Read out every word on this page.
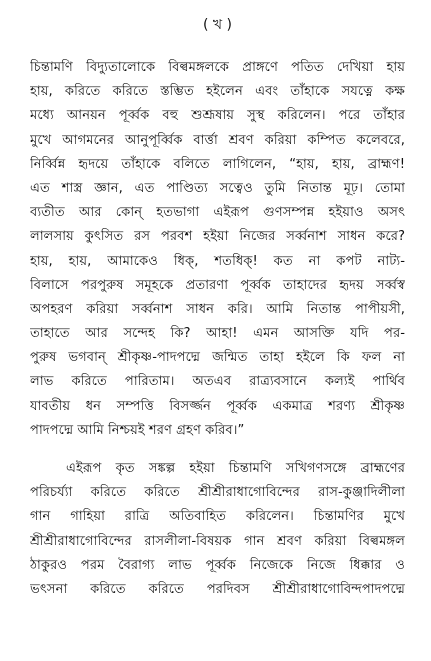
( খ )
চিন্তামণি বিদ্যুতালোকে বিল্বমঙ্গলকে প্রাঙ্গণে পতিত দেখিয়া হায়
হায়, করিতে করিতে স্তম্ভিত হইলেন এবং তাঁহাকে সযত্নে কক্ষ
মধ্যে আনয়ন পূর্ব্বক বহু শুশ্রূষায় সুস্থ করিলেন। পরে তাঁহার
মুখে আগমনের আনুপূর্ব্বিক বার্ত্তা শ্রবণ করিয়া কম্পিত কলেবরে,
নির্ব্বিন্ন হৃদয়ে তাঁহাকে বলিতে লাগিলেন, “হায়, হায়, ব্রাহ্মণ!
এত শাস্ত্র জ্ঞান, এত পাণ্ডিত্য সত্বেও তুমি নিতান্ত মূঢ়। তোমা
ব্যতীত আর কোন্ হতভাগা এইরূপ গুণসম্পন্ন হইয়াও অসৎ
লালসায় কুৎসিত রস পরবশ হইয়া নিজের সর্ব্বনাশ সাধন করে?
হায়, হায়, আমাকেও ধিক্, শতধিক্! কত না কপট নাট্য-
বিলাসে পরপুরুষ সমূহকে প্রতারণা পূর্ব্বক তাহাদের হৃদয় সর্ব্বস্ব
অপহরণ করিয়া সর্ব্বনাশ সাধন করি। আমি নিতান্ত পাপীয়সী,
তাহাতে আর সন্দেহ কি? আহা! এমন আসক্তি যদি পর-
পুরুষ ভগবান্ শ্রীকৃষ্ণ-পাদপদ্মে জন্মিত তাহা হইলে কি ফল না
লাভ করিতে পারিতাম। অতএব রাত্র্যবসানে কল্যই পার্থিব
যাবতীয় ধন সম্পত্তি বিসর্জ্জন পূর্ব্বক একমাত্র শরণ্য শ্রীকৃষ্ণ
পাদপদ্মে আমি নিশ্চয়ই শরণ গ্রহণ করিব।”
এইরূপ কৃত সঙ্কল্প হইয়া চিন্তামণি সখিগণসঙ্গে ব্রাহ্মণের
পরিচর্য্যা করিতে করিতে শ্রীশ্রীরাধাগোবিন্দের রাস-কুঞ্জাদিলীলা
গান গাহিয়া রাত্রি অতিবাহিত করিলেন। চিন্তামণির মুখে
শ্রীশ্রীরাধাগোবিন্দের রাসলীলা-বিষয়ক গান শ্রবণ করিয়া বিল্বমঙ্গল
ঠাকুরও পরম বৈরাগ্য লাভ পূর্ব্বক নিজেকে নিজে ধিক্কার ও
ভৎসনা করিতে করিতে পরদিবস শ্রীশ্রীরাধাগোবিন্দপাদপদ্মে
